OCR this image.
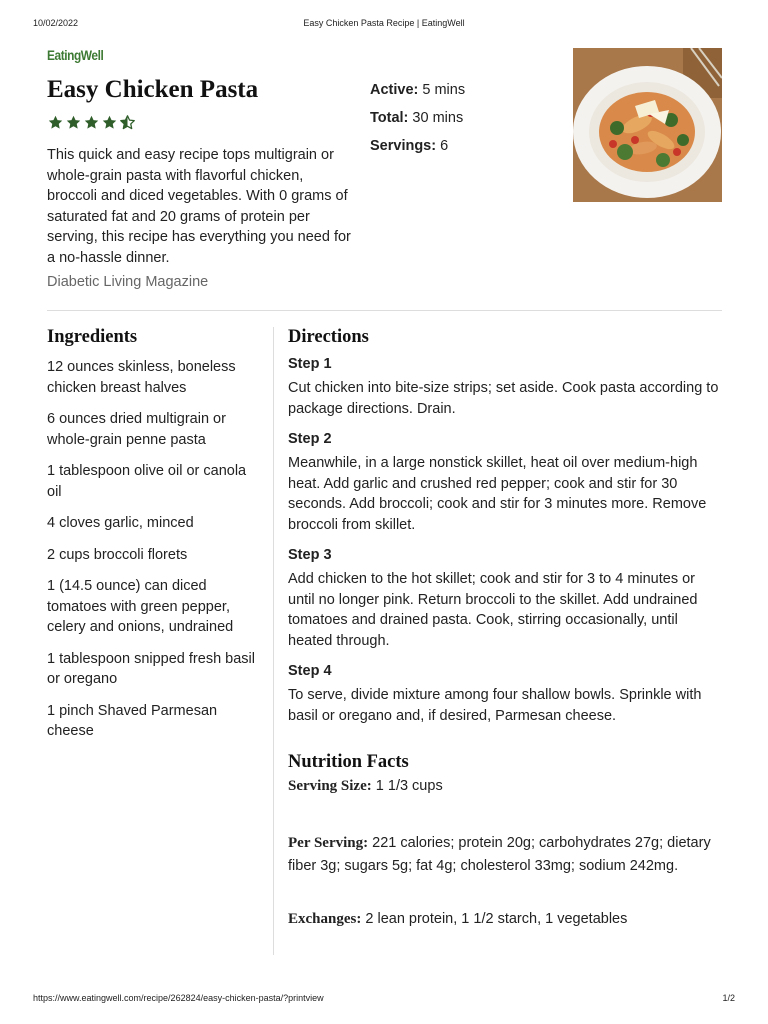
10/02/2022	Easy Chicken Pasta Recipe | EatingWell
EatingWell
Easy Chicken Pasta

This quick and easy recipe tops multigrain or whole-grain pasta with flavorful chicken, broccoli and diced vegetables. With 0 grams of saturated fat and 20 grams of protein per serving, this recipe has everything you need for a no-hassle dinner.

Diabetic Living Magazine
Active: 5 mins
Total: 30 mins
Servings: 6
Ingredients
12 ounces skinless, boneless chicken breast halves
6 ounces dried multigrain or whole-grain penne pasta
1 tablespoon olive oil or canola oil
4 cloves garlic, minced
2 cups broccoli florets
1 (14.5 ounce) can diced tomatoes with green pepper, celery and onions, undrained
1 tablespoon snipped fresh basil or oregano
1 pinch Shaved Parmesan cheese
Directions
Step 1
Cut chicken into bite-size strips; set aside. Cook pasta according to package directions. Drain.
Step 2
Meanwhile, in a large nonstick skillet, heat oil over medium-high heat. Add garlic and crushed red pepper; cook and stir for 30 seconds. Add broccoli; cook and stir for 3 minutes more. Remove broccoli from skillet.
Step 3
Add chicken to the hot skillet; cook and stir for 3 to 4 minutes or until no longer pink. Return broccoli to the skillet. Add undrained tomatoes and drained pasta. Cook, stirring occasionally, until heated through.
Step 4
To serve, divide mixture among four shallow bowls. Sprinkle with basil or oregano and, if desired, Parmesan cheese.
Nutrition Facts
Serving Size: 1 1/3 cups
Per Serving: 221 calories; protein 20g; carbohydrates 27g; dietary fiber 3g; sugars 5g; fat 4g; cholesterol 33mg; sodium 242mg.
Exchanges: 2 lean protein, 1 1/2 starch, 1 vegetables
https://www.eatingwell.com/recipe/262824/easy-chicken-pasta/?printview	1/2
